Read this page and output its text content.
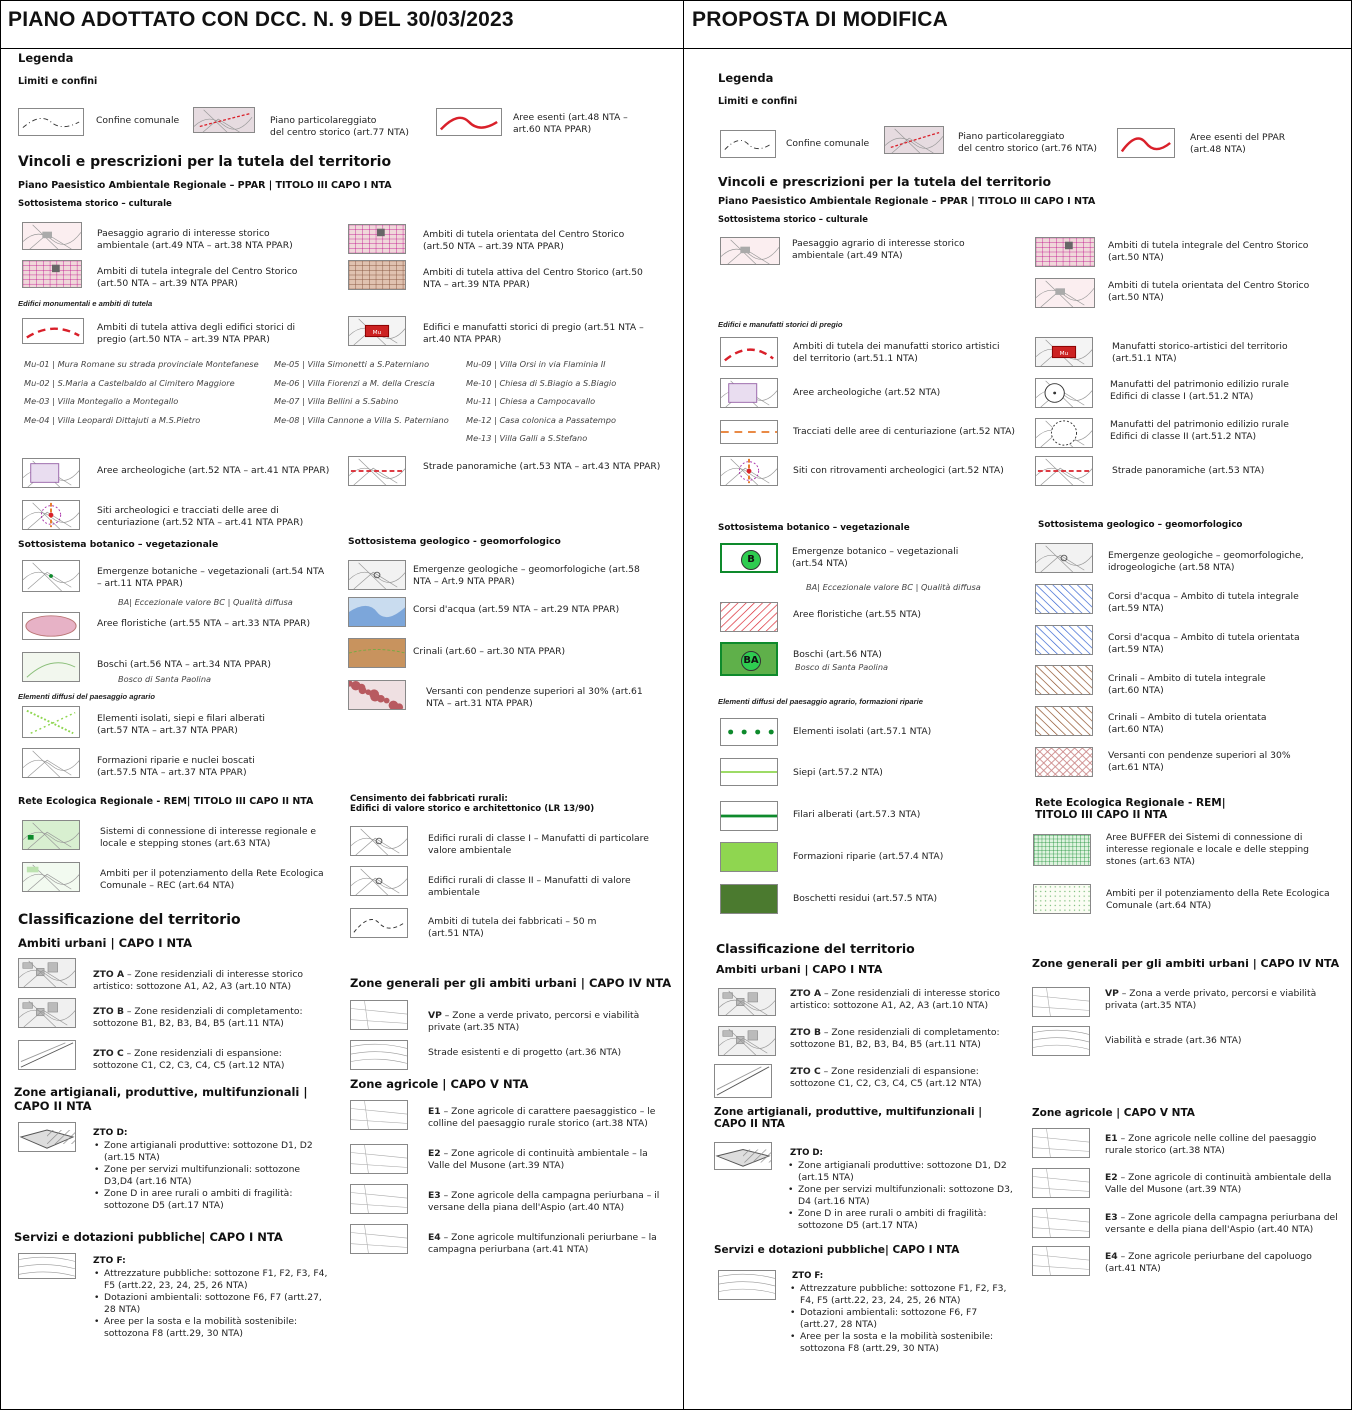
PIANO ADOTTATO CON DCC. N. 9 DEL 30/03/2023	PROPOSTA DI MODIFICA
Legenda
Limiti e confini
Confine comunale	Piano particolareggiato
del centro storico (art.77 NTA)
Aree esenti (art.48 NTA –
art.60 NTA PPAR)
Vincoli e prescrizioni per la tutela del territorio
Piano Paesistico Ambientale Regionale – PPAR | TITOLO III CAPO I NTA
Sottosistema storico – culturale
Paesaggio agrario di interesse storico
ambientale (art.49 NTA – art.38 NTA PPAR)
Ambiti di tutela orientata del Centro Storico
(art.50 NTA – art.39 NTA PPAR)
Ambiti di tutela integrale del Centro Storico
(art.50 NTA – art.39 NTA PPAR)
Ambiti di tutela attiva del Centro Storico (art.50
NTA – art.39 NTA PPAR)
Edifici monumentali e ambiti di tutela
Ambiti di tutela attiva degli edifici storici di
pregio (art.50 NTA – art.39 NTA PPAR)
Mu	Edifici e manufatti storici di pregio (art.51 NTA –
art.40 NTA PPAR)
Mu-01 | Mura Romane su strada provinciale Montefanese
Mu-02 | S.Maria a Castelbaldo al Cimitero Maggiore
Me-03 | Villa Montegallo a Montegallo
Me-04 | Villa Leopardi Dittajuti a M.S.Pietro
Me-05 | Villa Simonetti a S.Paterniano
Me-06 | Villa Fiorenzi a M. della Crescia
Me-07 | Villa Bellini a S.Sabino
Me-08 | Villa Cannone a Villa S. Paterniano
Mu-09 | Villa Orsi in via Flaminia II
Me-10 | Chiesa di S.Biagio a S.Biagio
Mu-11 | Chiesa a Campocavallo
Me-12 | Casa colonica a Passatempo
Me-13 | Villa Galli a S.Stefano
Aree archeologiche (art.52 NTA – art.41 NTA PPAR)	Strade panoramiche (art.53 NTA – art.43 NTA PPAR)
Siti archeologici e tracciati delle aree di
centuriazione (art.52 NTA – art.41 NTA PPAR)
Sottosistema botanico – vegetazionale	Sottosistema geologico - geomorfologico
Emergenze botaniche – vegetazionali (art.54 NTA
– art.11 NTA PPAR)
BA| Eccezionale valore BC | Qualità diffusa
Emergenze geologiche – geomorfologiche (art.58
NTA – Art.9 NTA PPAR)
Aree floristiche (art.55 NTA – art.33 NTA PPAR)
Corsi d'acqua (art.59 NTA – art.29 NTA PPAR)
Boschi (art.56 NTA – art.34 NTA PPAR)
Bosco di Santa Paolina
Crinali (art.60 – art.30 NTA PPAR)
Elementi diffusi del paesaggio agrario
Elementi isolati, siepi e filari alberati
(art.57 NTA – art.37 NTA PPAR)
Versanti con pendenze superiori al 30% (art.61
NTA – art.31 NTA PPAR)
Formazioni riparie e nuclei boscati
(art.57.5 NTA – art.37 NTA PPAR)
Rete Ecologica Regionale - REM| TITOLO III CAPO II NTA	Censimento dei fabbricati rurali:
Edifici di valore storico e architettonico (LR 13/90)
Sistemi di connessione di interesse regionale e
locale e stepping stones (art.63 NTA)	Edifici rurali di classe I – Manufatti di particolare
valore ambientale
Ambiti per il potenziamento della Rete Ecologica
Comunale – REC (art.64 NTA)	Edifici rurali di classe II – Manufatti di valore
ambientale
Ambiti di tutela dei fabbricati – 50 m
(art.51 NTA)
Classificazione del territorio
Ambiti urbani | CAPO I NTA
ZTO A – Zone residenziali di interesse storico
artistico: sottozone A1, A2, A3 (art.10 NTA)	Zone generali per gli ambiti urbani | CAPO IV NTA
ZTO B – Zone residenziali di completamento:
sottozone B1, B2, B3, B4, B5 (art.11 NTA)
VP – Zone a verde privato, percorsi e viabilità
private (art.35 NTA)
Strade esistenti e di progetto (art.36 NTA)
ZTO C – Zone residenziali di espansione:
sottozone C1, C2, C3, C4, C5 (art.12 NTA)
Zone agricole | CAPO V NTA
Zone artigianali, produttive, multifunzionali |
CAPO II NTA	E1 – Zone agricole di carattere paesaggistico – le
colline del paesaggio rurale storico (art.38 NTA)
ZTO D:
• Zone artigianali produttive: sottozone D1, D2 (art.15 NTA)
• Zone per servizi multifunzionali: sottozone D3,D4 (art.16 NTA)
• Zone D in aree rurali o ambiti di fragilità: sottozone D5 (art.17 NTA)
E2 – Zone agricole di continuità ambientale – la
Valle del Musone (art.39 NTA)
E3 – Zone agricole della campagna periurbana – il
versane della piana dell'Aspio (art.40 NTA)
Servizi e dotazioni pubbliche| CAPO I NTA	E4 – Zone agricole multifunzionali periurbane – la
campagna periurbana (art.41 NTA)
ZTO F:
• Attrezzature pubbliche: sottozone F1, F2, F3, F4, F5 (artt.22, 23, 24, 25, 26 NTA)
• Dotazioni ambientali: sottozone F6, F7 (artt.27, 28 NTA)
• Aree per la sosta e la mobilità sostenibile: sottozona F8 (artt.29, 30 NTA)
Legenda
Limiti e confini
Confine comunale
Piano particolareggiato
del centro storico (art.76 NTA)
Aree esenti del PPAR
(art.48 NTA)
Vincoli e prescrizioni per la tutela del territorio
Piano Paesistico Ambientale Regionale – PPAR | TITOLO III CAPO I NTA
Sottosistema storico – culturale
Paesaggio agrario di interesse storico
ambientale (art.49 NTA)
Ambiti di tutela integrale del Centro Storico
(art.50 NTA)
Ambiti di tutela orientata del Centro Storico
(art.50 NTA)
Edifici e manufatti storici di pregio
Ambiti di tutela dei manufatti storico artistici
del territorio (art.51.1 NTA)	Mu
Manufatti storico-artistici del territorio
(art.51.1 NTA)
Aree archeologiche (art.52 NTA)
Manufatti del patrimonio edilizio rurale
Edifici di classe I (art.51.2 NTA)
Tracciati delle aree di centuriazione (art.52 NTA)
Manufatti del patrimonio edilizio rurale
Edifici di classe II (art.51.2 NTA)
Siti con ritrovamenti archeologici (art.52 NTA)	Strade panoramiche (art.53 NTA)
Sottosistema botanico – vegetazionale	Sottosistema geologico – geomorfologico
B
Emergenze botanico – vegetazionali
(art.54 NTA)
BA| Eccezionale valore BC | Qualità diffusa
Emergenze geologiche – geomorfologiche,
idrogeologiche (art.58 NTA)
Aree floristiche (art.55 NTA)
Corsi d'acqua – Ambito di tutela integrale
(art.59 NTA)
BA
Boschi (art.56 NTA)
Bosco di Santa Paolina
Corsi d'acqua – Ambito di tutela orientata
(art.59 NTA)
Crinali – Ambito di tutela integrale
(art.60 NTA)
Elementi diffusi del paesaggio agrario, formazioni riparie
Crinali – Ambito di tutela orientata
(art.60 NTA)
Elementi isolati (art.57.1 NTA)
Versanti con pendenze superiori al 30%
(art.61 NTA)
Siepi (art.57.2 NTA)
Rete Ecologica Regionale - REM|
TITOLO III CAPO II NTA
Filari alberati (art.57.3 NTA)
Aree BUFFER dei Sistemi di connessione di
interesse regionale e locale e delle stepping
stones (art.63 NTA)
Formazioni riparie (art.57.4 NTA)
Boschetti residui (art.57.5 NTA)	Ambiti per il potenziamento della Rete Ecologica
Comunale (art.64 NTA)
Classificazione del territorio
Ambiti urbani | CAPO I NTA	Zone generali per gli ambiti urbani | CAPO IV NTA
ZTO A – Zone residenziali di interesse storico
artistico: sottozone A1, A2, A3 (art.10 NTA)
VP – Zona a verde privato, percorsi e viabilità
privata (art.35 NTA)
ZTO B – Zone residenziali di completamento:
sottozone B1, B2, B3, B4, B5 (art.11 NTA)	Viabilità e strade (art.36 NTA)
ZTO C – Zone residenziali di espansione:
sottozone C1, C2, C3, C4, C5 (art.12 NTA)
Zone artigianali, produttive, multifunzionali |
CAPO II NTA
Zone agricole | CAPO V NTA
E1 – Zone agricole nelle colline del paesaggio
rurale storico (art.38 NTA)
ZTO D:
• Zone artigianali produttive: sottozone D1, D2 (art.15 NTA)
• Zone per servizi multifunzionali: sottozone D3, D4 (art.16 NTA)
• Zone D in aree rurali o ambiti di fragilità: sottozone D5 (art.17 NTA)
E2 – Zone agricole di continuità ambientale della
Valle del Musone (art.39 NTA)
E3 – Zone agricole della campagna periurbana del
versante e della piana dell'Aspio (art.40 NTA)
Servizi e dotazioni pubbliche| CAPO I NTA
E4 – Zone agricole periurbane del capoluogo
(art.41 NTA)
ZTO F:
• Attrezzature pubbliche: sottozone F1, F2, F3, F4, F5 (artt.22, 23, 24, 25, 26 NTA)
• Dotazioni ambientali: sottozone F6, F7 (artt.27, 28 NTA)
• Aree per la sosta e la mobilità sostenibile: sottozona F8 (artt.29, 30 NTA)
